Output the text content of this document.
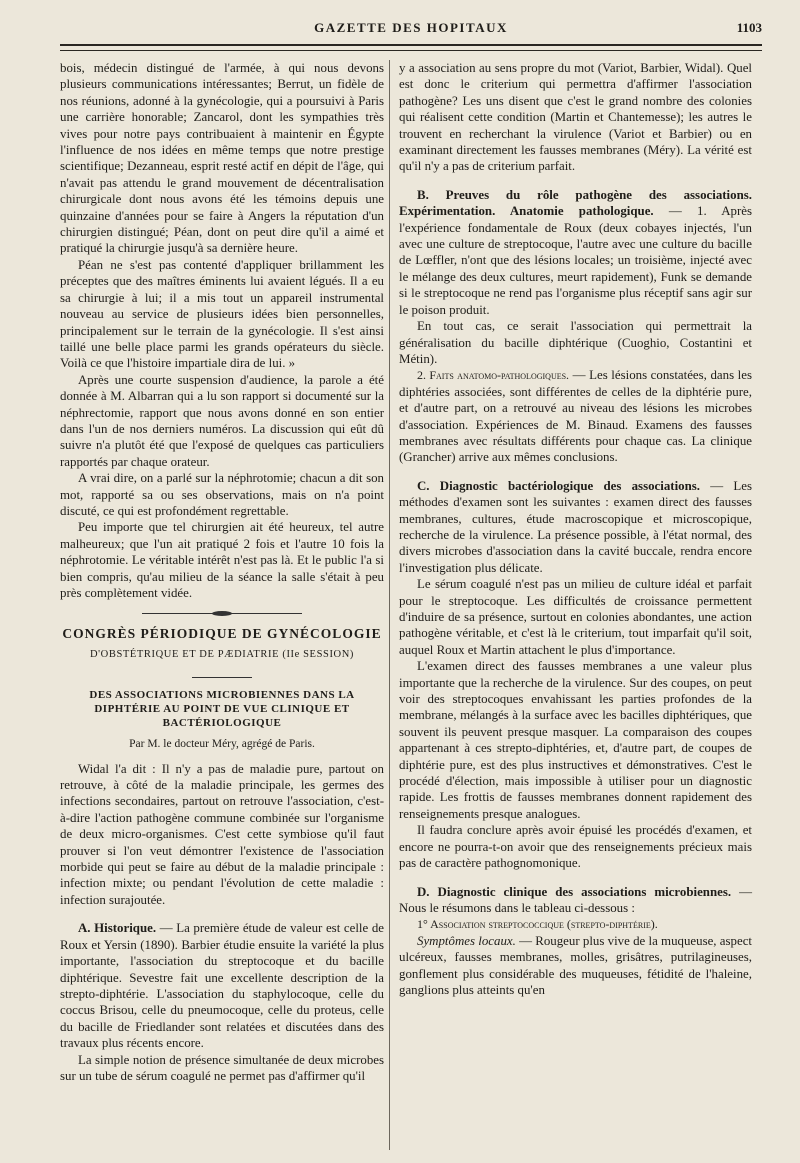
GAZETTE DES HOPITAUX	1103

bois, médecin distingué de l'armée, à qui nous devons plusieurs communications intéressantes; Berrut, un fidèle de nos réunions, adonné à la gynécologie, qui a poursuivi à Paris une carrière honorable; Zancarol, dont les sympathies très vives pour notre pays contribuaient à maintenir en Égypte l'influence de nos idées en même temps que notre prestige scientifique; Dezanneau, esprit resté actif en dépit de l'âge, qui n'avait pas attendu le grand mouvement de décentralisation chirurgicale dont nous avons été les témoins depuis une quinzaine d'années pour se faire à Angers la réputation d'un chirurgien distingué; Péan, dont on peut dire qu'il a aimé et pratiqué la chirurgie jusqu'à sa dernière heure.

Péan ne s'est pas contenté d'appliquer brillamment les préceptes que des maîtres éminents lui avaient légués. Il a eu sa chirurgie à lui; il a mis tout un appareil instrumental nouveau au service de plusieurs idées bien personnelles, principalement sur le terrain de la gynécologie. Il s'est ainsi taillé une belle place parmi les grands opérateurs du siècle. Voilà ce que l'histoire impartiale dira de lui. »

Après une courte suspension d'audience, la parole a été donnée à M. Albarran qui a lu son rapport si documenté sur la néphrectomie, rapport que nous avons donné en son entier dans l'un de nos derniers numéros. La discussion qui eût dû suivre n'a plutôt été que l'exposé de quelques cas particuliers rapportés par chaque orateur.

A vrai dire, on a parlé sur la néphrotomie; chacun a dit son mot, rapporté sa ou ses observations, mais on n'a point discuté, ce qui est profondément regrettable.

Peu importe que tel chirurgien ait été heureux, tel autre malheureux; que l'un ait pratiqué 2 fois et l'autre 10 fois la néphrotomie. Le véritable intérêt n'est pas là. Et le public l'a si bien compris, qu'au milieu de la séance la salle s'était à peu près complètement vidée.

CONGRÈS PÉRIODIQUE DE GYNÉCOLOGIE
D'OBSTÉTRIQUE ET DE PÆDIATRIE (IIe SESSION)
DES ASSOCIATIONS MICROBIENNES DANS LA DIPHTÉRIE AU POINT DE VUE CLINIQUE ET BACTÉRIOLOGIQUE
Par M. le docteur Méry, agrégé de Paris.

Widal l'a dit : Il n'y a pas de maladie pure, partout on retrouve, à côté de la maladie principale, les germes des infections secondaires, partout on retrouve l'association, c'est-à-dire l'action pathogène commune combinée sur l'organisme de deux micro-organismes. C'est cette symbiose qu'il faut prouver si l'on veut démontrer l'existence de l'association morbide qui peut se faire au début de la maladie principale : infection mixte; ou pendant l'évolution de cette maladie : infection surajoutée.

A. Historique. — La première étude de valeur est celle de Roux et Yersin (1890). Barbier étudie ensuite la variété la plus importante, l'association du streptocoque et du bacille diphtérique. Sevestre fait une excellente description de la strepto-diphtérie. L'association du staphylocoque, celle du coccus Brisou, celle du pneumocoque, celle du proteus, celle du bacille de Friedlander sont relatées et discutées dans des travaux plus récents encore.

La simple notion de présence simultanée de deux microbes sur un tube de sérum coagulé ne permet pas d'affirmer qu'il

y a association au sens propre du mot (Variot, Barbier, Widal). Quel est donc le criterium qui permettra d'affirmer l'association pathogène? Les uns disent que c'est le grand nombre des colonies qui réalisent cette condition (Martin et Chantemesse); les autres le trouvent en recherchant la virulence (Variot et Barbier) ou en examinant directement les fausses membranes (Méry). La vérité est qu'il n'y a pas de criterium parfait.

B. Preuves du rôle pathogène des associations. Expérimentation. Anatomie pathologique. — 1. Après l'expérience fondamentale de Roux (deux cobayes injectés, l'un avec une culture de streptocoque, l'autre avec une culture du bacille de Lœffler, n'ont que des lésions locales; un troisième, injecté avec le mélange des deux cultures, meurt rapidement), Funk se demande si le streptocoque ne rend pas l'organisme plus réceptif sans agir sur le poison produit.

En tout cas, ce serait l'association qui permettrait la généralisation du bacille diphtérique (Cuoghio, Costantini et Métin).

2. Faits anatomo-pathologiques. — Les lésions constatées, dans les diphtéries associées, sont différentes de celles de la diphtérie pure, et d'autre part, on a retrouvé au niveau des lésions les microbes d'association. Expériences de M. Binaud. Examens des fausses membranes avec résultats différents pour chaque cas. La clinique (Grancher) arrive aux mêmes conclusions.

C. Diagnostic bactériologique des associations. — Les méthodes d'examen sont les suivantes : examen direct des fausses membranes, cultures, étude macroscopique et microscopique, recherche de la virulence. La présence possible, à l'état normal, des divers microbes d'association dans la cavité buccale, rendra encore l'investigation plus délicate.

Le sérum coagulé n'est pas un milieu de culture idéal et parfait pour le streptocoque. Les difficultés de croissance permettent d'induire de sa présence, surtout en colonies abondantes, une action pathogène véritable, et c'est là le criterium, tout imparfait qu'il soit, auquel Roux et Martin attachent le plus d'importance.

L'examen direct des fausses membranes a une valeur plus importante que la recherche de la virulence. Sur des coupes, on peut voir des streptocoques envahissant les parties profondes de la membrane, mélangés à la surface avec les bacilles diphtériques, que souvent ils peuvent presque masquer. La comparaison des coupes appartenant à ces strepto-diphtéries, et, d'autre part, de coupes de diphtérie pure, est des plus instructives et démonstratives. C'est le procédé d'élection, mais impossible à utiliser pour un diagnostic rapide. Les frottis de fausses membranes donnent rapidement des renseignements presque analogues.

Il faudra conclure après avoir épuisé les procédés d'examen, et encore ne pourra-t-on avoir que des renseignements précieux mais pas de caractère pathognomonique.

D. Diagnostic clinique des associations microbiennes. — Nous le résumons dans le tableau ci-dessous :

1° Association streptococcique (strepto-diphtérie).

Symptômes locaux. — Rougeur plus vive de la muqueuse, aspect ulcéreux, fausses membranes, molles, grisâtres, putrilagineuses, gonflement plus considérable des muqueuses, fétidité de l'haleine, ganglions plus atteints qu'en
